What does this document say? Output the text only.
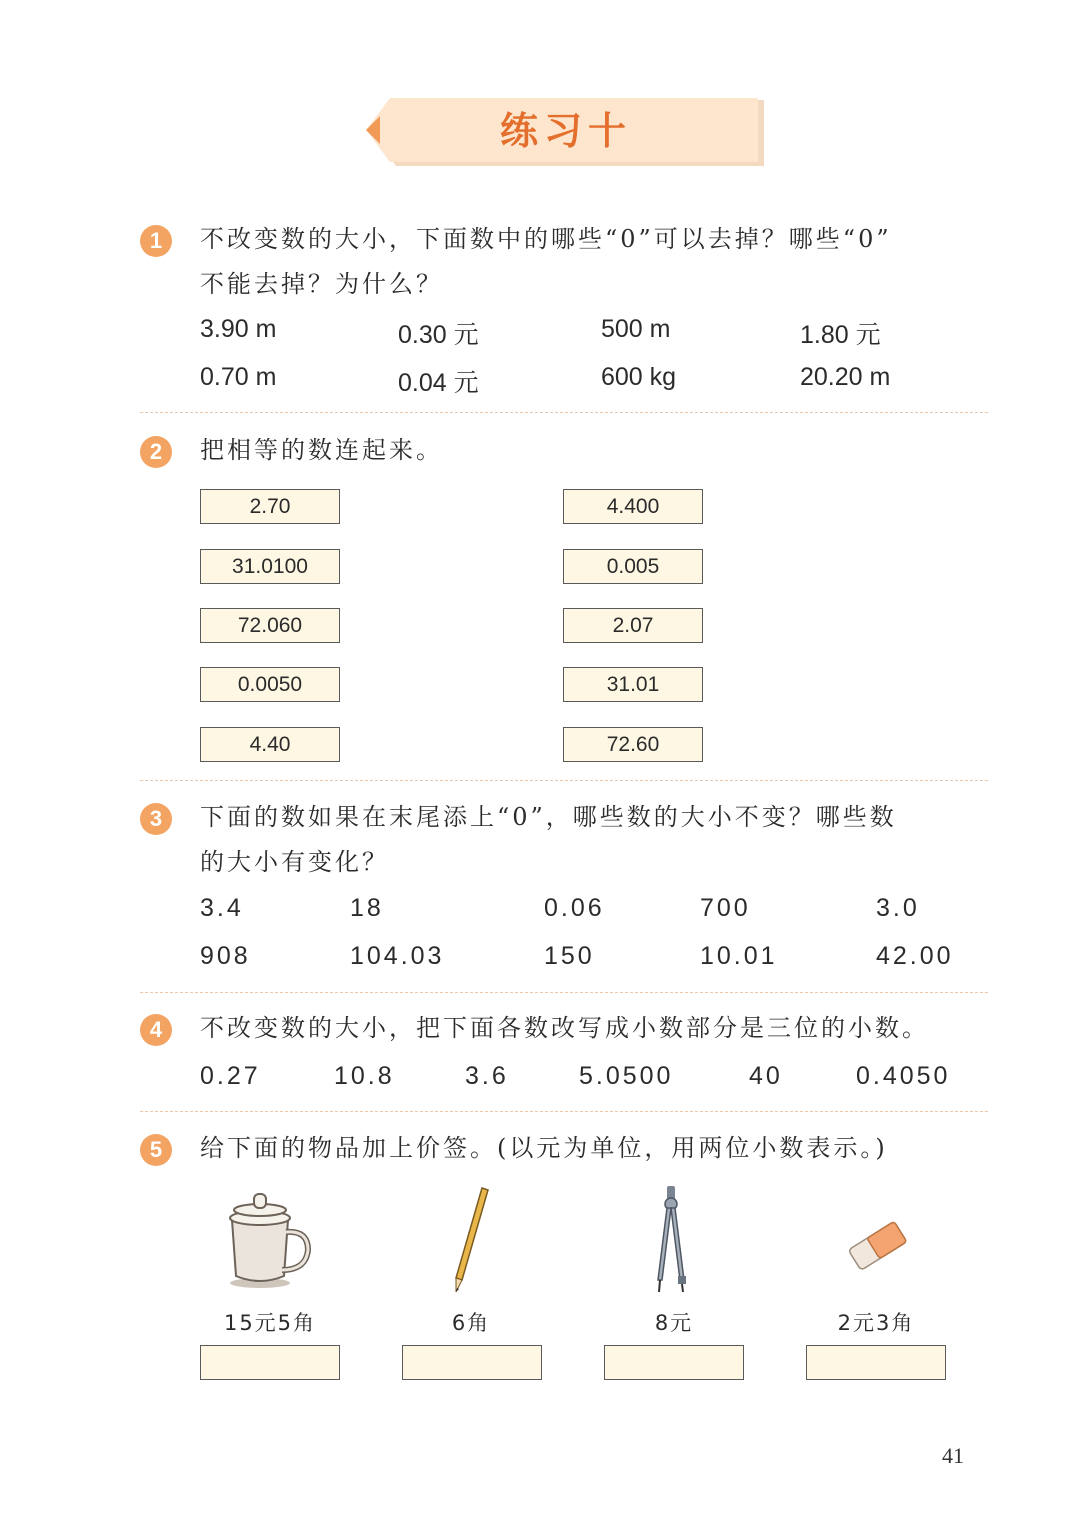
练习十
1	不改变数的大小，下面数中的哪些“0”可以去掉？哪些“0”
不能去掉？为什么？
3.90 m	0.30 元	500 m	1.80 元
0.70 m	0.04 元	600 kg	20.20 m
2	把相等的数连起来。
2.70
31.0100
72.060
0.0050
4.40
4.400
0.005
2.07
31.01
72.60
3	下面的数如果在末尾添上“0”，哪些数的大小不变？哪些数
的大小有变化？
3.4	18	0.06	700	3.0
908	104.03	150	10.01	42.00
4	不改变数的大小，把下面各数改写成小数部分是三位的小数。
0.27	10.8	3.6	5.0500	40	0.4050
5	给下面的物品加上价签。(以元为单位，用两位小数表示。)
15元5角	6角	8元	2元3角
41
